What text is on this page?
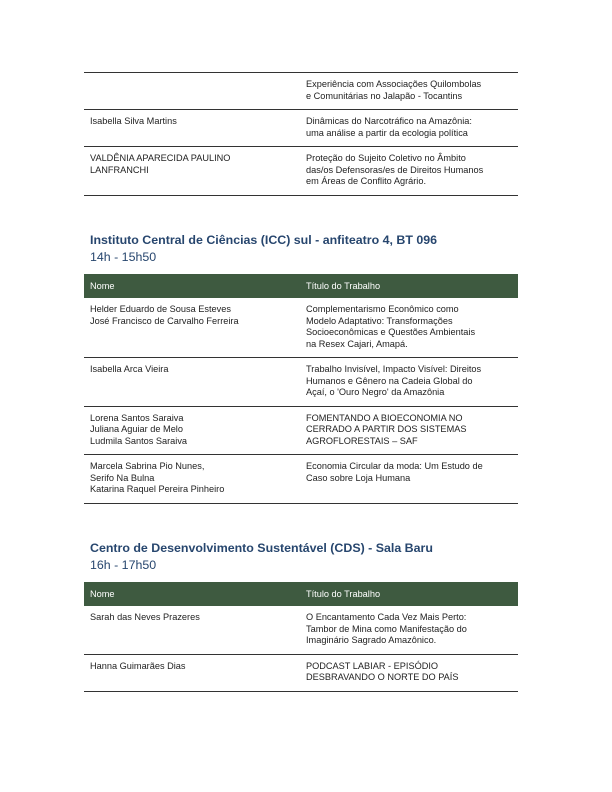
	Experiência com Associações Quilombolas
e Comunitárias no Jalapão - Tocantins

Isabella Silva Martins	Dinâmicas do Narcotráfico na Amazônia:
uma análise a partir da ecologia política

VALDÊNIA APARECIDA PAULINO
LANFRANCHI	Proteção do Sujeito Coletivo no Âmbito
das/os Defensoras/es de Direitos Humanos
em Áreas de Conflito Agrário.
Instituto Central de Ciências (ICC) sul - anfiteatro 4, BT 096
14h - 15h50
Nome	Título do Trabalho

Helder Eduardo de Sousa Esteves
José Francisco de Carvalho Ferreira	Complementarismo Econômico como
Modelo Adaptativo: Transformações
Socioeconômicas e Questões Ambientais
na Resex Cajari, Amapá.

Isabella Arca Vieira	Trabalho Invisível, Impacto Visível: Direitos
Humanos e Gênero na Cadeia Global do
Açaí, o 'Ouro Negro' da Amazônia

Lorena Santos Saraiva
Juliana Aguiar de Melo
Ludmila Santos Saraiva	FOMENTANDO A BIOECONOMIA NO
CERRADO A PARTIR DOS SISTEMAS
AGROFLORESTAIS – SAF

Marcela Sabrina Pio Nunes,
Serifo Na Bulna
Katarina Raquel Pereira Pinheiro	Economia Circular da moda: Um Estudo de
Caso sobre Loja Humana
Centro de Desenvolvimento Sustentável (CDS) - Sala Baru
16h - 17h50
Nome	Título do Trabalho

Sarah das Neves Prazeres	O Encantamento Cada Vez Mais Perto:
Tambor de Mina como Manifestação do
Imaginário Sagrado Amazônico.

Hanna Guimarães Dias	PODCAST LABIAR - EPISÓDIO
DESBRAVANDO O NORTE DO PAÍS
